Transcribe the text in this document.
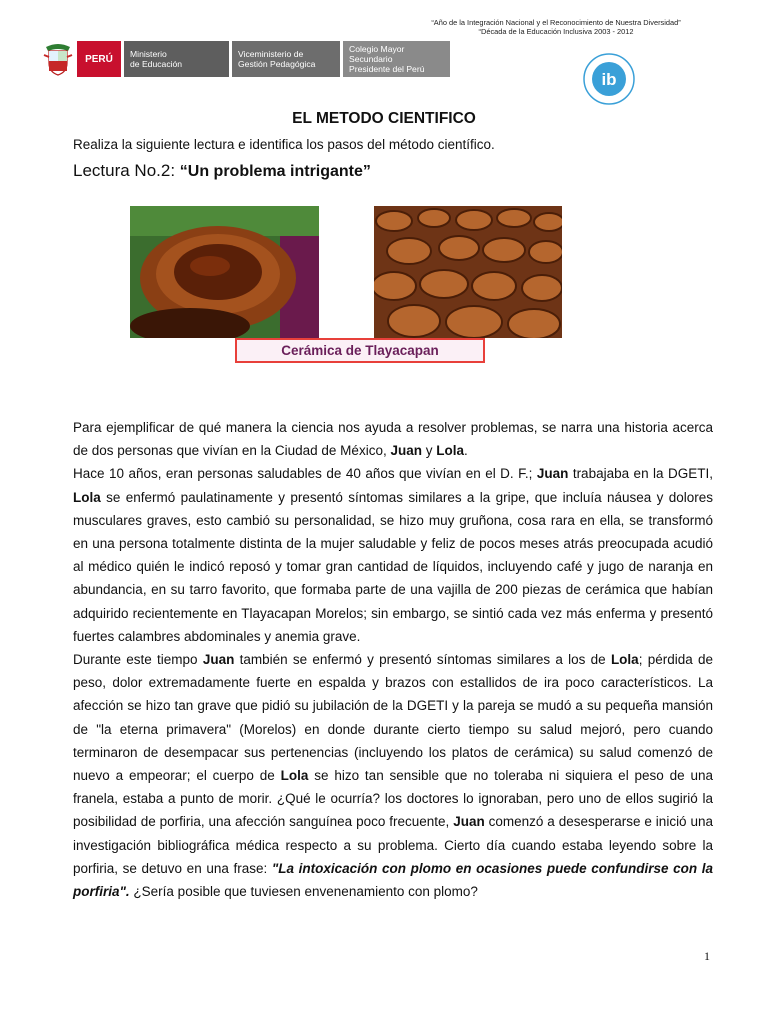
“Año de la Integración Nacional y el Reconocimiento de Nuestra Diversidad”
“Década de la Educación Inclusiva 2003 - 2012
PERÚ	Ministerio
de Educación
Viceministerio de
Gestión Pedagógica
Colegio Mayor Secundario
Presidente del Perú
ib
EL METODO CIENTIFICO
Realiza la siguiente lectura e identifica los pasos del método científico.
Lectura No.2: “Un problema intrigante”
Cerámica de Tlayacapan

Para ejemplificar de qué manera la ciencia nos ayuda a resolver problemas, se narra una historia acerca de dos personas que vivían en la Ciudad de México, Juan y Lola.

Hace 10 años, eran personas saludables de 40 años que vivían en el D. F.; Juan trabajaba en la DGETI, Lola se enfermó paulatinamente y presentó síntomas similares a la gripe, que incluía náusea y dolores musculares graves, esto cambió su personalidad, se hizo muy gruñona, cosa rara en ella, se transformó en una persona totalmente distinta de la mujer saludable y feliz de pocos meses atrás preocupada acudió al médico quién le indicó reposó y tomar gran cantidad de líquidos, incluyendo café y jugo de naranja en abundancia, en su tarro favorito, que formaba parte de una vajilla de 200 piezas de cerámica que habían adquirido recientemente en Tlayacapan Morelos; sin embargo, se sintió cada vez más enferma y presentó fuertes calambres abdominales y anemia grave.

Durante este tiempo Juan también se enfermó y presentó síntomas similares a los de Lola; pérdida de peso, dolor extremadamente fuerte en espalda y brazos con estallidos de ira poco característicos. La afección se hizo tan grave que pidió su jubilación de la DGETI y la pareja se mudó a su pequeña mansión de "la eterna primavera" (Morelos) en donde durante cierto tiempo su salud mejoró, pero cuando terminaron de desempacar sus pertenencias (incluyendo los platos de cerámica) su salud comenzó de nuevo a empeorar; el cuerpo de Lola se hizo tan sensible que no toleraba ni siquiera el peso de una franela, estaba a punto de morir. ¿Qué le ocurría? los doctores lo ignoraban, pero uno de ellos sugirió la posibilidad de porfiria, una afección sanguínea poco frecuente, Juan comenzó a desesperarse e inició una investigación bibliográfica médica respecto a su problema. Cierto día cuando estaba leyendo sobre la porfiria, se detuvo en una frase: "La intoxicación con plomo en ocasiones puede confundirse con la porfiria". ¿Sería posible que tuviesen envenenamiento con plomo?

1
